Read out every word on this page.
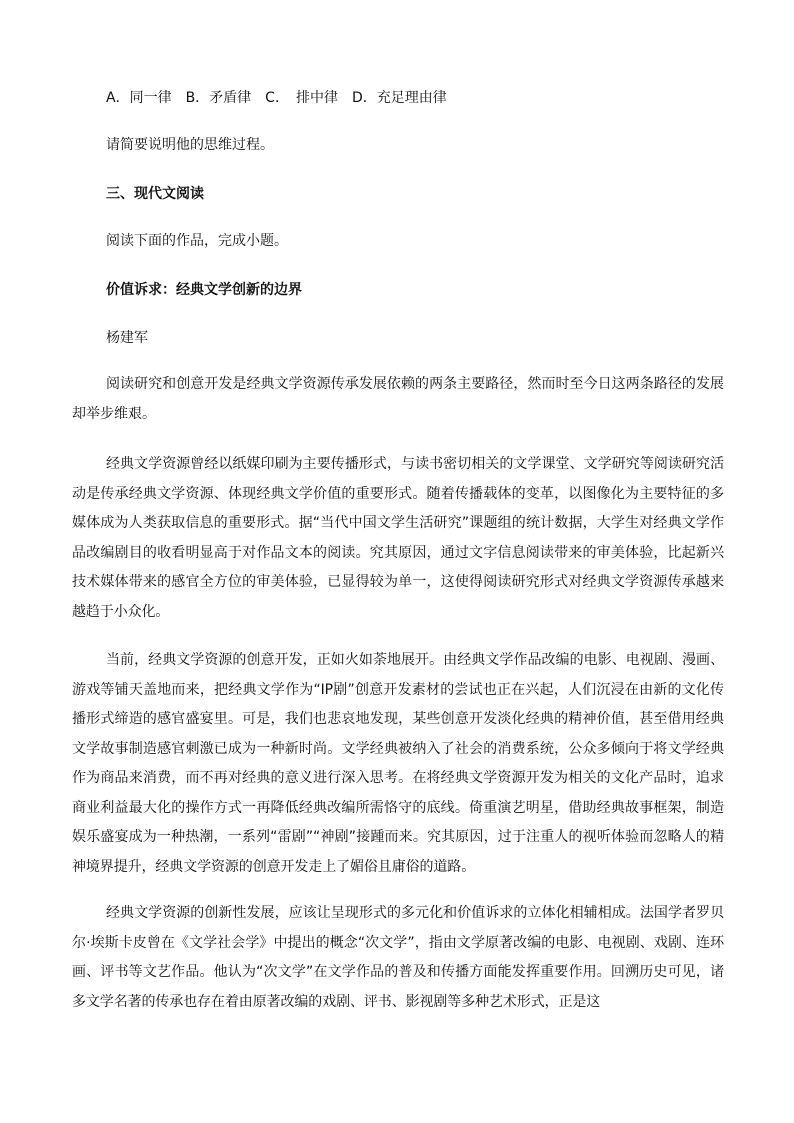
A．同一律　B．矛盾律　C．　排中律　D．充足理由律

请简要说明他的思维过程。

三、现代文阅读

阅读下面的作品，完成小题。

价值诉求：经典文学创新的边界

杨建军

阅读研究和创意开发是经典文学资源传承发展依赖的两条主要路径，然而时至今日这两条路径的发展却举步维艰。

经典文学资源曾经以纸媒印刷为主要传播形式，与读书密切相关的文学课堂、文学研究等阅读研究活动是传承经典文学资源、体现经典文学价值的重要形式。随着传播载体的变革，以图像化为主要特征的多媒体成为人类获取信息的重要形式。据“当代中国文学生活研究”课题组的统计数据，大学生对经典文学作品改编剧目的收看明显高于对作品文本的阅读。究其原因，通过文字信息阅读带来的审美体验，比起新兴技术媒体带来的感官全方位的审美体验，已显得较为单一，这使得阅读研究形式对经典文学资源传承越来越趋于小众化。

当前，经典文学资源的创意开发，正如火如荼地展开。由经典文学作品改编的电影、电视剧、漫画、游戏等铺天盖地而来，把经典文学作为“IP剧”创意开发素材的尝试也正在兴起，人们沉浸在由新的文化传播形式缔造的感官盛宴里。可是，我们也悲哀地发现，某些创意开发淡化经典的精神价值，甚至借用经典文学故事制造感官刺激已成为一种新时尚。文学经典被纳入了社会的消费系统，公众多倾向于将文学经典作为商品来消费，而不再对经典的意义进行深入思考。在将经典文学资源开发为相关的文化产品时，追求商业利益最大化的操作方式一再降低经典改编所需恪守的底线。倚重演艺明星，借助经典故事框架，制造娱乐盛宴成为一种热潮，一系列“雷剧”“神剧”接踵而来。究其原因，过于注重人的视听体验而忽略人的精神境界提升，经典文学资源的创意开发走上了媚俗且庸俗的道路。

经典文学资源的创新性发展，应该让呈现形式的多元化和价值诉求的立体化相辅相成。法国学者罗贝尔·埃斯卡皮曾在《文学社会学》中提出的概念“次文学”，指由文学原著改编的电影、电视剧、戏剧、连环画、评书等文艺作品。他认为“次文学”在文学作品的普及和传播方面能发挥重要作用。回溯历史可见，诸多文学名著的传承也存在着由原著改编的戏剧、评书、影视剧等多种艺术形式，正是这
